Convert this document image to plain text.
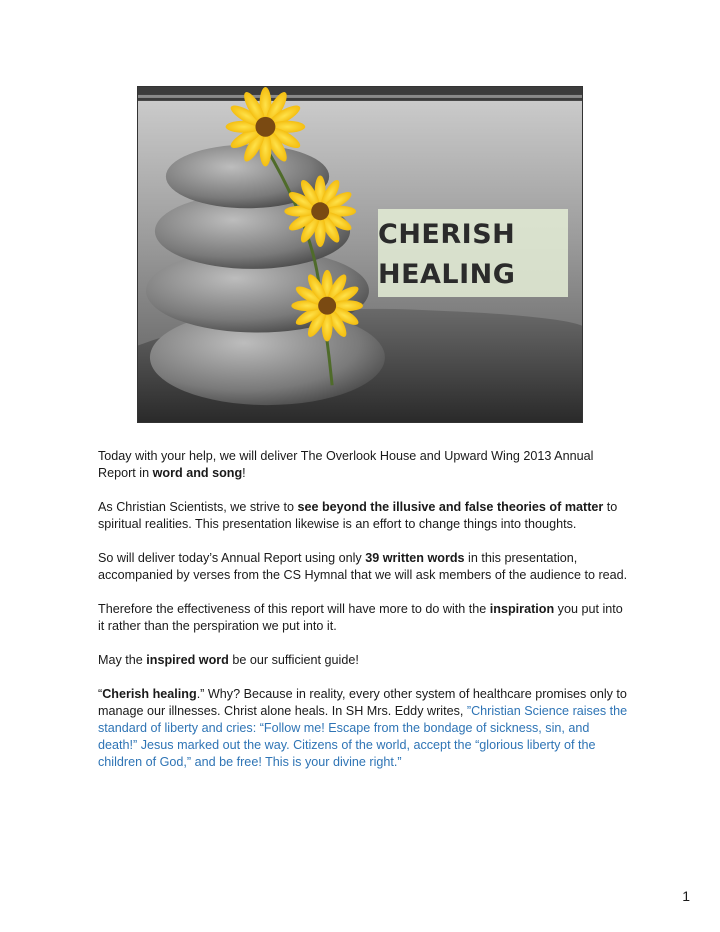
CHERISH
HEALING

Today with your help, we will deliver The Overlook House and Upward Wing 2013 Annual Report in word and song!

As Christian Scientists, we strive to see beyond the illusive and false theories of matter to spiritual realities. This presentation likewise is an effort to change things into thoughts.

So will deliver today’s Annual Report using only 39 written words in this presentation, accompanied by verses from the CS Hymnal that we will ask members of the audience to read.

Therefore the effectiveness of this report will have more to do with the inspiration you put into it rather than the perspiration we put into it.

May the inspired word be our sufficient guide!

“Cherish healing.” Why? Because in reality, every other system of healthcare promises only to manage our illnesses. Christ alone heals. In SH Mrs. Eddy writes, ”Christian Science raises the standard of liberty and cries: “Follow me! Escape from the bondage of sickness, sin, and death!” Jesus marked out the way. Citizens of the world, accept the “glorious liberty of the children of God,” and be free! This is your divine right.”

1
